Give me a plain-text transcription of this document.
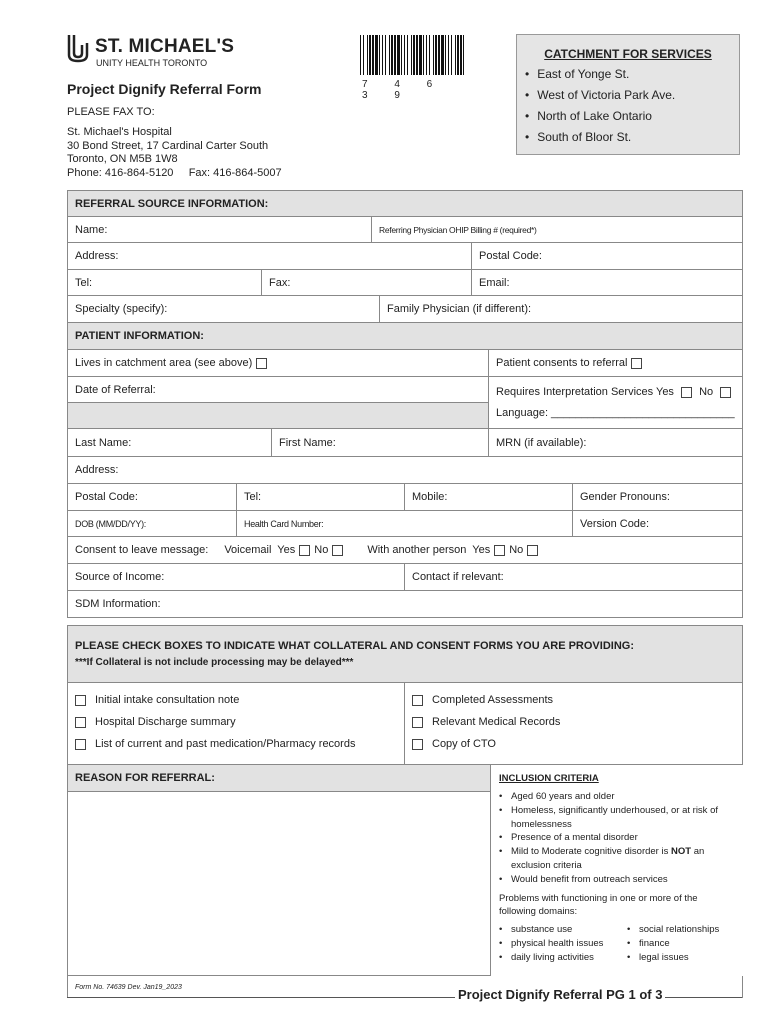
ST. MICHAEL'S
UNITY HEALTH TORONTO
Project Dignify Referral Form
PLEASE FAX TO:
St. Michael's Hospital
30 Bond Street, 17 Cardinal Carter South
Toronto, ON M5B 1W8
Phone: 416-864-5120     Fax: 416-864-5007
7 4 6 3 9
CATCHMENT FOR SERVICES
• East of Yonge St.
• West of Victoria Park Ave.
• North of Lake Ontario
• South of Bloor St.
REFERRAL SOURCE INFORMATION:
Name:	Referring Physician OHIP Billing # (required*)
Address:	Postal Code:
Tel:	Fax:	Email:
Specialty (specify):	Family Physician (if different):
PATIENT INFORMATION:
Lives in catchment area (see above)	Patient consents to referral
Date of Referral:	Requires Interpretation Services Yes No
Language: ______________________________
Last Name:	First Name:	MRN (if available):
Address:
Postal Code:	Tel:	Mobile:	Gender Pronouns:
DOB (MM/DD/YY):	Health Card Number:	Version Code:
Consent to leave message: Voicemail  Yes No	With another person  Yes No
Source of Income:	Contact if relevant:
SDM Information:
PLEASE CHECK BOXES TO INDICATE WHAT COLLATERAL AND CONSENT FORMS YOU ARE PROVIDING:
***If Collateral is not include processing may be delayed***
Initial intake consultation note
Hospital Discharge summary
List of current and past medication/Pharmacy records
Completed Assessments
Relevant Medical Records
Copy of CTO
REASON FOR REFERRAL:	INCLUSION CRITERIA
• Aged 60 years and older
• Homeless, significantly underhoused, or at risk of homelessness
• Presence of a mental disorder
• Mild to Moderate cognitive disorder is NOT an exclusion criteria
• Would benefit from outreach services
Problems with functioning in one or more of the following domains:
• substance use
• physical health issues
• daily living activities
• social relationships
• finance
• legal issues
Form No. 74639 Dev. Jan19_2023	Project Dignify Referral PG 1 of 3
